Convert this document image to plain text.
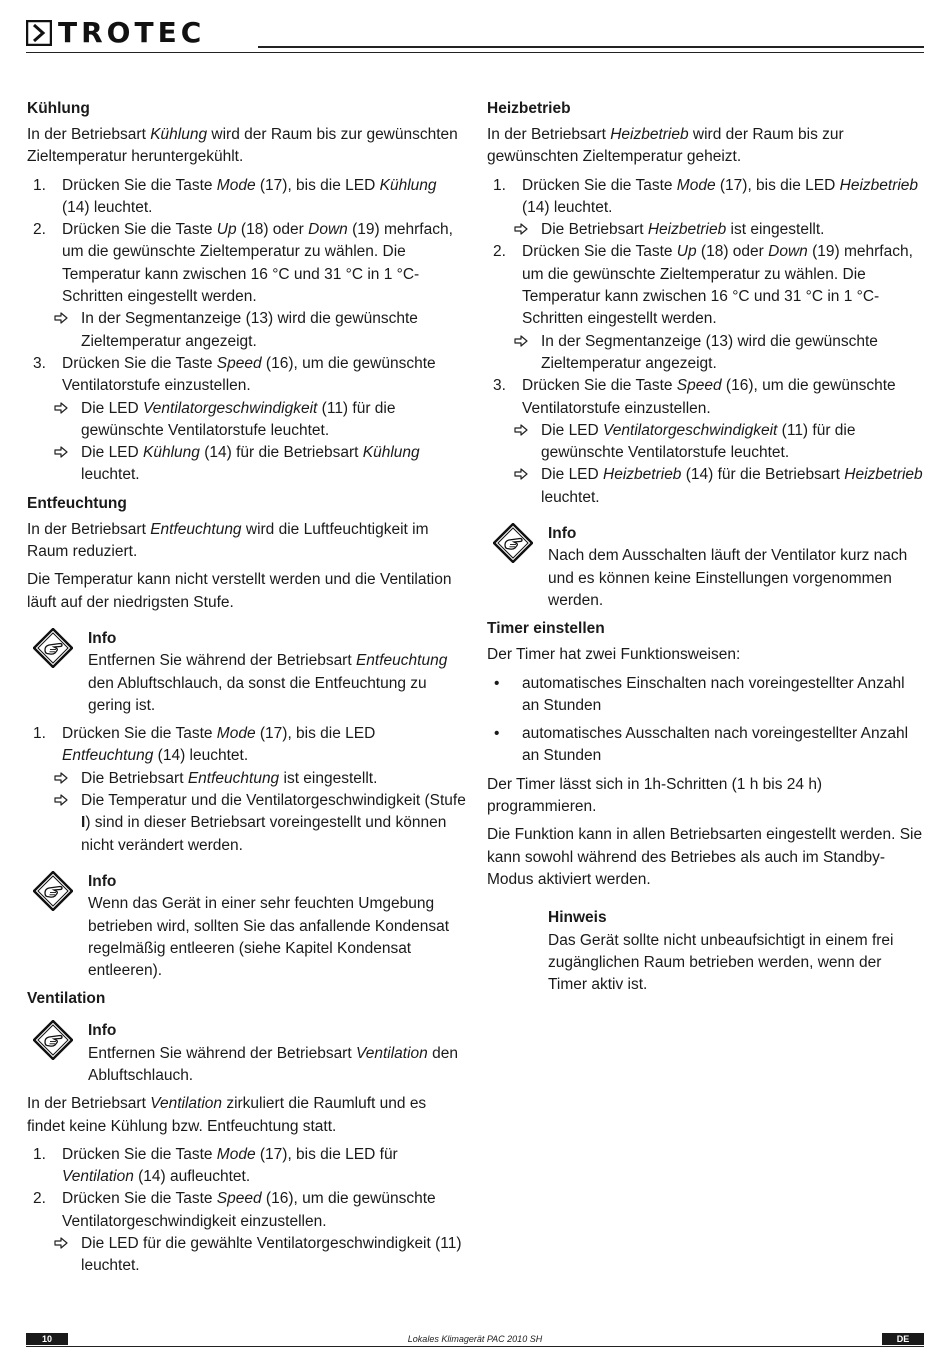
TROTEC
Kühlung

In der Betriebsart Kühlung wird der Raum bis zur gewünschten Zieltemperatur heruntergekühlt.

1. Drücken Sie die Taste Mode (17), bis die LED Kühlung (14) leuchtet.
2. Drücken Sie die Taste Up (18) oder Down (19) mehrfach, um die gewünschte Zieltemperatur zu wählen. Die Temperatur kann zwischen 16 °C und 31 °C in 1 °C-Schritten eingestellt werden.
In der Segmentanzeige (13) wird die gewünschte Zieltemperatur angezeigt.
3. Drücken Sie die Taste Speed (16), um die gewünschte Ventilatorstufe einzustellen.
Die LED Ventilatorgeschwindigkeit (11) für die gewünschte Ventilatorstufe leuchtet.
Die LED Kühlung (14) für die Betriebsart Kühlung leuchtet.
Entfeuchtung

In der Betriebsart Entfeuchtung wird die Luftfeuchtigkeit im Raum reduziert.

Die Temperatur kann nicht verstellt werden und die Ventilation läuft auf der niedrigsten Stufe.

Info
Entfernen Sie während der Betriebsart Entfeuchtung den Abluftschlauch, da sonst die Entfeuchtung zu gering ist.
1. Drücken Sie die Taste Mode (17), bis die LED Entfeuchtung (14) leuchtet.
Die Betriebsart Entfeuchtung ist eingestellt.
Die Temperatur und die Ventilatorgeschwindigkeit (Stufe I) sind in dieser Betriebsart voreingestellt und können nicht verändert werden.
Info
Wenn das Gerät in einer sehr feuchten Umgebung betrieben wird, sollten Sie das anfallende Kondensat regelmäßig entleeren (siehe Kapitel Kondensat entleeren).
Ventilation
Info
Entfernen Sie während der Betriebsart Ventilation den Abluftschlauch.

In der Betriebsart Ventilation zirkuliert die Raumluft und es findet keine Kühlung bzw. Entfeuchtung statt.

1. Drücken Sie die Taste Mode (17), bis die LED für Ventilation (14) aufleuchtet.
2. Drücken Sie die Taste Speed (16), um die gewünschte Ventilatorgeschwindigkeit einzustellen.
Die LED für die gewählte Ventilatorgeschwindigkeit (11) leuchtet.
Heizbetrieb

In der Betriebsart Heizbetrieb wird der Raum bis zur gewünschten Zieltemperatur geheizt.

1. Drücken Sie die Taste Mode (17), bis die LED Heizbetrieb (14) leuchtet.
Die Betriebsart Heizbetrieb ist eingestellt.
2. Drücken Sie die Taste Up (18) oder Down (19) mehrfach, um die gewünschte Zieltemperatur zu wählen. Die Temperatur kann zwischen 16 °C und 31 °C in 1 °C-Schritten eingestellt werden.
In der Segmentanzeige (13) wird die gewünschte Zieltemperatur angezeigt.
3. Drücken Sie die Taste Speed (16), um die gewünschte Ventilatorstufe einzustellen.
Die LED Ventilatorgeschwindigkeit (11) für die gewünschte Ventilatorstufe leuchtet.
Die LED Heizbetrieb (14) für die Betriebsart Heizbetrieb leuchtet.
Info
Nach dem Ausschalten läuft der Ventilator kurz nach und es können keine Einstellungen vorgenommen werden.
Timer einstellen

Der Timer hat zwei Funktionsweisen:

• automatisches Einschalten nach voreingestellter Anzahl an Stunden
• automatisches Ausschalten nach voreingestellter Anzahl an Stunden

Der Timer lässt sich in 1h-Schritten (1 h bis 24 h) programmieren.

Die Funktion kann in allen Betriebsarten eingestellt werden. Sie kann sowohl während des Betriebes als auch im Standby-Modus aktiviert werden.

Hinweis
Das Gerät sollte nicht unbeaufsichtigt in einem frei zugänglichen Raum betrieben werden, wenn der Timer aktiv ist.
Lokales Klimagerät PAC 2010 SH
10	DE
